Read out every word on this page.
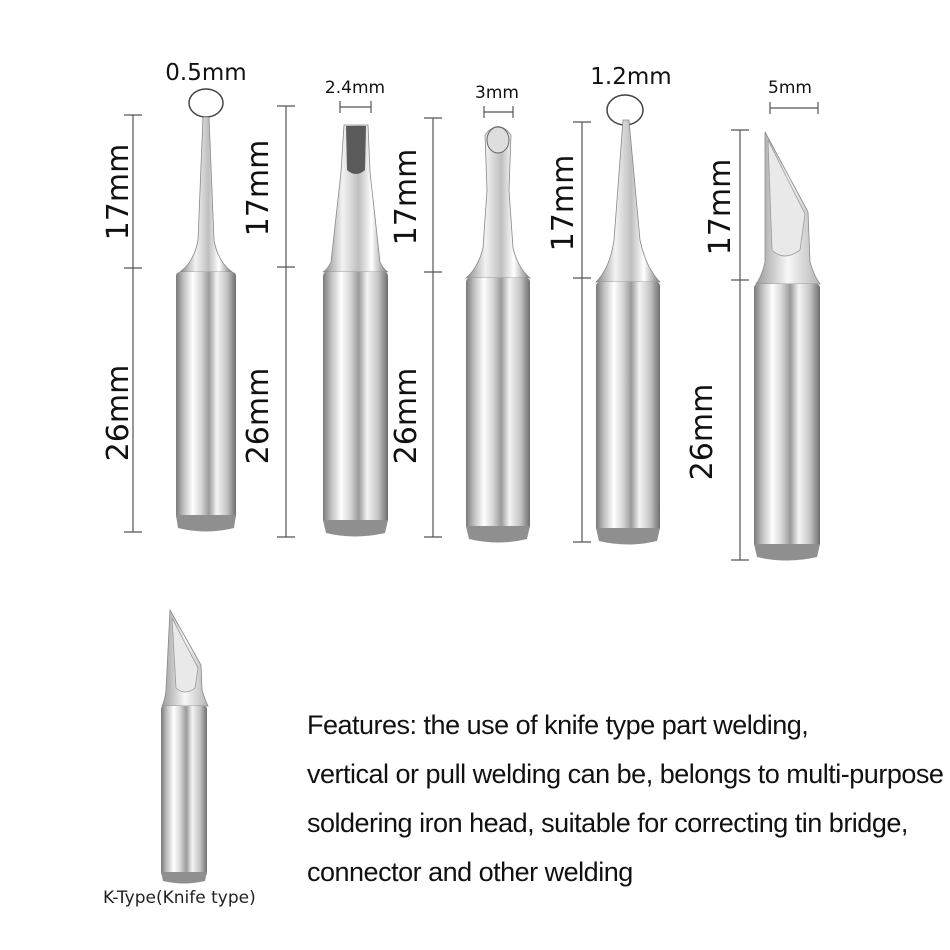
17mm
26mm
0.5mm
17mm
26mm
2.4mm
17mm
26mm
3mm
17mm
1.2mm
17mm
26mm
5mm
Features: the use of knife type part welding,
vertical or pull welding can be, belongs to multi-purpose
soldering iron head, suitable for correcting tin bridge,
connector and other welding
K-Type(Knife type)
